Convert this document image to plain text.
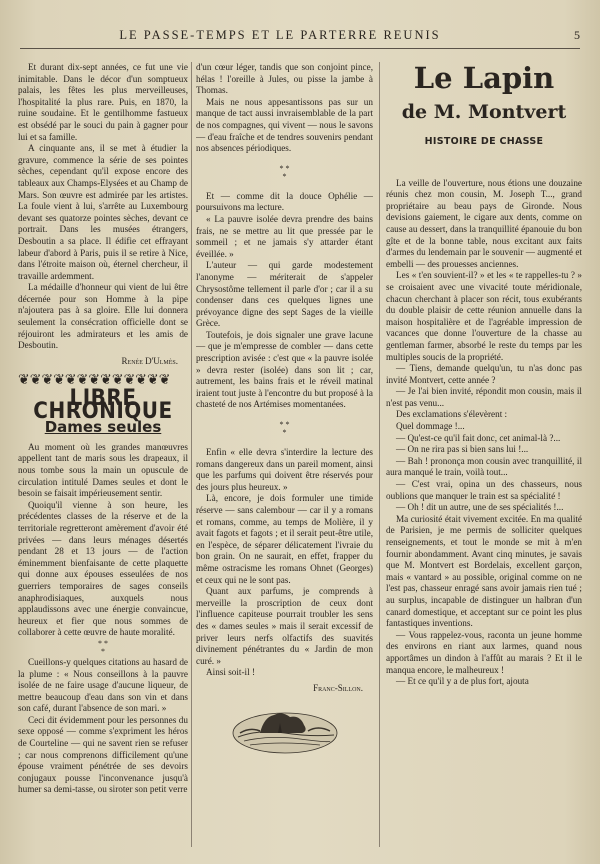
LE PASSE-TEMPS ET LE PARTERRE REUNIS	5

Et durant dix-sept années, ce fut une vie inimitable. Dans le décor d'un somptueux palais, les fêtes les plus merveilleuses, l'hospitalité la plus rare. Puis, en 1870, la ruine soudaine. Et le gentilhomme fastueux est obsédé par le souci du pain à gagner pour lui et sa famille.

A cinquante ans, il se met à étudier la gravure, commence la série de ses pointes sèches, cependant qu'il expose encore des tableaux aux Champs-Elysées et au Champ de Mars. Son œuvre est admirée par les artistes. La foule vient à lui, s'arrête au Luxembourg devant ses quatorze pointes sèches, devant ce portrait. Dans les musées étrangers, Desboutin a sa place. Il édifie cet effrayant labeur d'abord à Paris, puis il se retire à Nice, dans l'étroite maison où, éternel chercheur, il travaille ardemment.

La médaille d'honneur qui vient de lui être décernée pour son Homme à la pipe n'ajoutera pas à sa gloire. Elle lui donnera seulement la consécration officielle dont se réjouiront les admirateurs et les amis de Desboutin.

Renée D'Ulmès.
❦❦❦❦❦❦❦❦❦❦❦❦❦
LIBRE CHRONIQUE
Dames seules

Au moment où les grandes manœuvres appellent tant de maris sous les drapeaux, il nous tombe sous la main un opuscule de circulation intitulé Dames seules et dont le besoin se faisait impérieusement sentir.

Quoiqu'il vienne à son heure, les précédentes classes de la réserve et de la territoriale regretteront amèrement d'avoir été privées — dans leurs ménages désertés pendant 28 et 13 jours — de l'action éminemment bienfaisante de cette plaquette qui donne aux épouses esseulées de nos guerriers temporaires de sages conseils anaphrodisiaques, auxquels nous applaudissons avec une énergie convaincue, heureux et fier que nous sommes de collaborer à cette œuvre de haute moralité.

* *
*

Cueillons-y quelques citations au hasard de la plume : « Nous conseillons à la pauvre isolée de ne faire usage d'aucune liqueur, de mettre beaucoup d'eau dans son vin et dans son café, durant l'absence de son mari. »

Ceci dit évidemment pour les personnes du sexe opposé — comme s'expriment les héros de Courteline — qui ne savent rien se refuser ; car nous comprenons difficilement qu'une épouse vraiment pénétrée de ses devoirs conjugaux pousse l'inconvenance jusqu'à humer sa demi-tasse, ou siroter son petit verre

d'un cœur léger, tandis que son conjoint pince, hélas ! l'oreille à Jules, ou pisse la jambe à Thomas.

Mais ne nous appesantissons pas sur un manque de tact aussi invraisemblable de la part de nos compagnes, qui vivent — nous le savons — d'eau fraîche et de tendres souvenirs pendant nos absences périodiques.

* *
*

Et — comme dit la douce Ophélie — poursuivons ma lecture.

« La pauvre isolée devra prendre des bains frais, ne se mettre au lit que pressée par le sommeil ; et ne jamais s'y attarder étant éveillée. »

L'auteur — qui garde modestement l'anonyme — mériterait de s'appeler Chrysostôme tellement il parle d'or ; car il a su condenser dans ces quelques lignes une prévoyance digne des sept Sages de la vieille Grèce.

Toutefois, je dois signaler une grave lacune — que je m'empresse de combler — dans cette prescription avisée : c'est que « la pauvre isolée » devra rester (isolée) dans son lit ; car, autrement, les bains frais et le réveil matinal iraient tout juste à l'encontre du but proposé à la chasteté de nos Artémises momentanées.

* *
*

Enfin « elle devra s'interdire la lecture des romans dangereux dans un pareil moment, ainsi que les parfums qui doivent être réservés pour des jours plus heureux. »

Là, encore, je dois formuler une timide réserve — sans calembour — car il y a romans et romans, comme, au temps de Molière, il y avait fagots et fagots ; et il serait peut-être utile, en l'espèce, de séparer délicatement l'ivraie du bon grain. On ne saurait, en effet, frapper du même ostracisme les romans Ohnet (Georges) et ceux qui ne le sont pas.

Quant aux parfums, je comprends à merveille la proscription de ceux dont l'influence capiteuse pourrait troubler les sens des « dames seules » mais il serait excessif de priver leurs nerfs olfactifs des suavités divinement pénétrantes du « Jardin de mon curé. »

Ainsi soit-il !

Franc-Sillon.
Le Lapin
de M. Montvert
HISTOIRE DE CHASSE

La veille de l'ouverture, nous étions une douzaine réunis chez mon cousin, M. Joseph T..., grand propriétaire au beau pays de Gironde. Nous devisions gaiement, le cigare aux dents, comme on cause au dessert, dans la tranquillité épanouie du bon gîte et de la bonne table, nous excitant aux faits d'armes du lendemain par le souvenir — augmenté et embelli — des prouesses anciennes.

Les « t'en souvient-il? » et les « te rappelles-tu ? » se croisaient avec une vivacité toute méridionale, chacun cherchant à placer son récit, tous exubérants du double plaisir de cette réunion annuelle dans la maison hospitalière et de l'agréable impression de vacances que donne l'ouverture de la chasse au gentleman farmer, absorbé le reste du temps par les multiples soucis de la propriété.

— Tiens, demande quelqu'un, tu n'as donc pas invité Montvert, cette année ?

— Je l'ai bien invité, répondit mon cousin, mais il n'est pas venu...

Des exclamations s'élevèrent :

Quel dommage !...

— Qu'est-ce qu'il fait donc, cet animal-là ?...

— On ne rira pas si bien sans lui !...

— Bah ! prononça mon cousin avec tranquillité, il aura manqué le train, voilà tout...

— C'est vrai, opina un des chasseurs, nous oublions que manquer le train est sa spécialité !

— Oh ! dit un autre, une de ses spécialités !...

Ma curiosité était vivement excitée. En ma qualité de Parisien, je me permis de solliciter quelques renseignements, et tout le monde se mit à m'en fournir abondamment. Avant cinq minutes, je savais que M. Montvert est Bordelais, excellent garçon, mais « vantard » au possible, original comme on ne l'est pas, chasseur enragé sans avoir jamais rien tué ; au surplus, incapable de distinguer un halbran d'un canard domestique, et acceptant sur ce point les plus fantastiques inventions.

— Vous rappelez-vous, raconta un jeune homme des environs en riant aux larmes, quand nous apportâmes un dindon à l'affût au marais ? Et il le manqua encore, le malheureux !

— Et ce qu'il y a de plus fort, ajouta
